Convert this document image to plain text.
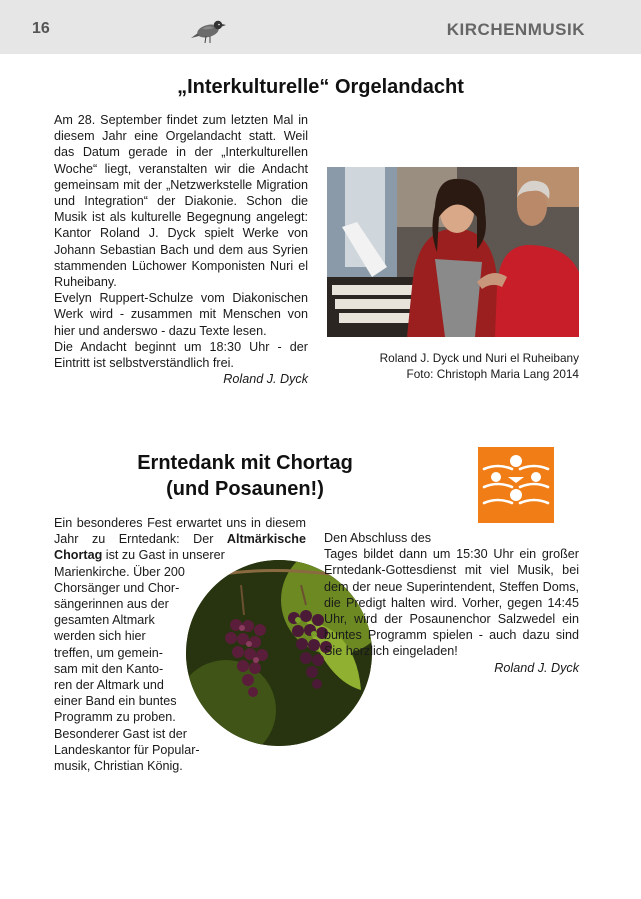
16	KIRCHENMUSIK
„Interkulturelle“ Orgelandacht

Am 28. September findet zum letzten Mal in diesem Jahr eine Orgelandacht statt. Weil das Datum gerade in der „Interkulturellen Woche“ liegt, veranstalten wir die Andacht gemeinsam mit der „Netzwerkstelle Migration und Integration“ der Diakonie. Schon die Musik ist als kulturelle Begegnung angelegt: Kantor Roland J. Dyck spielt Werke von Johann Sebastian Bach und dem aus Syrien stammenden Lüchower Komponisten Nuri el Ruheibany.

Evelyn Ruppert-Schulze vom Diakonischen Werk wird - zusammen mit Menschen von hier und anderswo - dazu Texte lesen.

Die Andacht beginnt um 18:30 Uhr - der Eintritt ist selbstverständlich frei.

Roland J. Dyck

Roland J. Dyck und Nuri el Ruheibany
Foto: Christoph Maria Lang 2014
Erntedank mit Chortag
(und Posaunen!)
Ein besonderes Fest erwartet uns in diesem Jahr zu Erntedank: Der Altmärkische Chortag ist zu Gast in unserer
Marienkirche. Über 200
Chorsänger und Chor-
sängerinnen aus der
gesamten Altmark
werden sich hier
treffen, um gemein-
sam mit den Kanto-
ren der Altmark und
einer Band ein buntes
Programm zu proben.
Besonderer Gast ist der
Landeskantor für Popular-
musik, Christian König.
Den Abschluss des
Tages bildet dann um 15:30 Uhr ein großer Erntedank-Gottesdienst mit viel Musik, bei dem der neue Superintendent, Steffen Doms, die Predigt halten wird. Vorher, gegen 14:45 Uhr, wird der Posaunenchor Salzwedel ein buntes Programm spielen - auch dazu sind Sie herzlich eingeladen!
Roland J. Dyck
